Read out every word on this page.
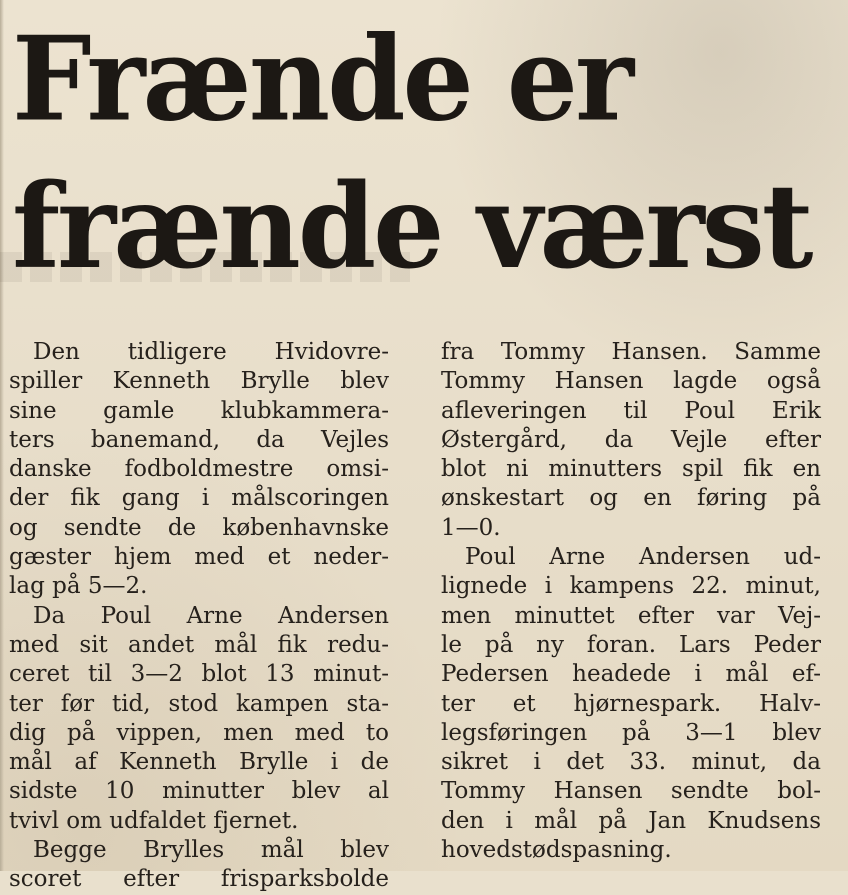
Frænde er
frænde værst
Den tidligere Hvidovre-
spiller Kenneth Brylle blev
sine gamle klubkammera-
ters banemand, da Vejles
danske fodboldmestre omsi-
der fik gang i målscoringen
og sendte de københavnske
gæster hjem med et neder-
lag på 5—2.
Da Poul Arne Andersen
med sit andet mål fik redu-
ceret til 3—2 blot 13 minut-
ter før tid, stod kampen sta-
dig på vippen, men med to
mål af Kenneth Brylle i de
sidste 10 minutter blev al
tvivl om udfaldet fjernet.
Begge Brylles mål blev
scoret efter frisparksbolde
fra Tommy Hansen. Samme
Tommy Hansen lagde også
afleveringen til Poul Erik
Østergård, da Vejle efter
blot ni minutters spil fik en
ønskestart og en føring på
1—0.
Poul Arne Andersen ud-
lignede i kampens 22. minut,
men minuttet efter var Vej-
le på ny foran. Lars Peder
Pedersen headede i mål ef-
ter et hjørnespark. Halv-
legsføringen på 3—1 blev
sikret i det 33. minut, da
Tommy Hansen sendte bol-
den i mål på Jan Knudsens
hovedstødspasning.
